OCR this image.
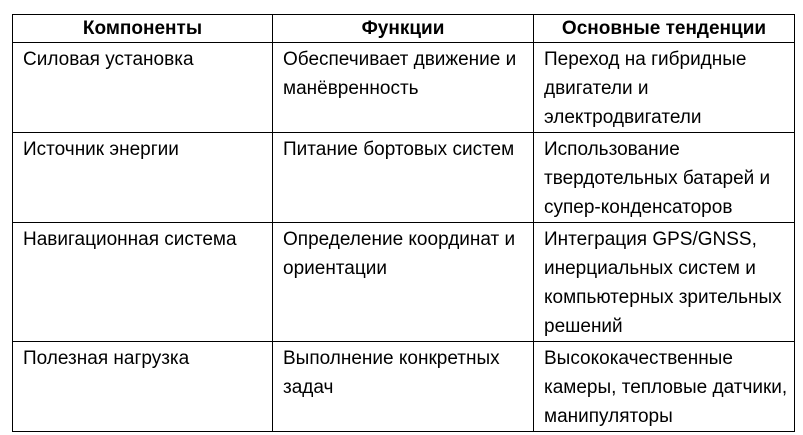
Компоненты	Функции	Основные тенденции
Силовая установка	Обеспечивает движение и манёвренность	Переход на гибридные двигатели и электродвигатели
Источник энергии	Питание бортовых систем	Использование твердотельных батарей и супер-конденсаторов
Навигационная система	Определение координат и ориентации	Интеграция GPS/GNSS, инерциальных систем и компьютерных зрительных решений
Полезная нагрузка	Выполнение конкретных задач	Высококачественные камеры, тепловые датчики, манипуляторы
